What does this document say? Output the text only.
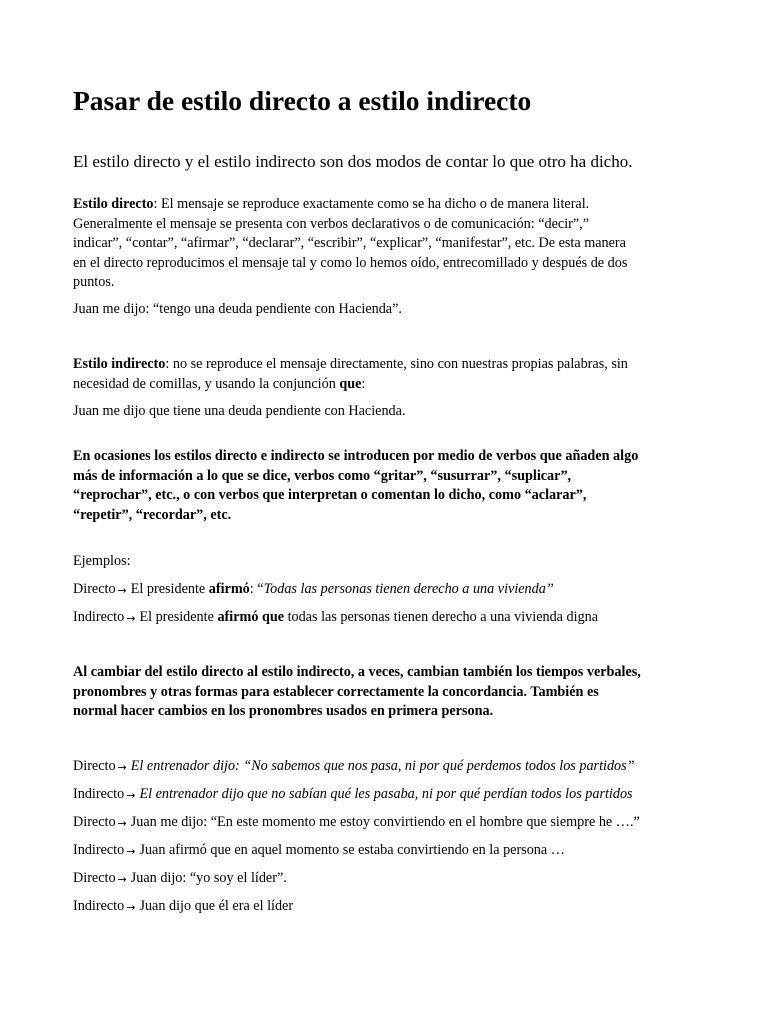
Pasar de estilo directo a estilo indirecto

El estilo directo y el estilo indirecto son dos modos de contar lo que otro ha dicho.

Estilo directo: El mensaje se reproduce exactamente como se ha dicho o de manera literal.

Generalmente el mensaje se presenta con verbos declarativos o de comunicación: “decir”,”

indicar”, “contar”, “afirmar”, “declarar”, “escribir”, “explicar”, “manifestar”, etc. De esta manera

en el directo reproducimos el mensaje tal y como lo hemos oído, entrecomillado y después de dos

puntos.

Juan me dijo: “tengo una deuda pendiente con Hacienda”.

Estilo indirecto: no se reproduce el mensaje directamente, sino con nuestras propias palabras, sin

necesidad de comillas, y usando la conjunción que:

Juan me dijo que tiene una deuda pendiente con Hacienda.

En ocasiones los estilos directo e indirecto se introducen por medio de verbos que añaden algo

más de información a lo que se dice, verbos como “gritar”, “susurrar”, “suplicar”,

“reprochar”, etc., o con verbos que interpretan o comentan lo dicho, como “aclarar”,

“repetir”, “recordar”, etc.

Ejemplos:

Directo → El presidente afirmó: “Todas las personas tienen derecho a una vivienda”

Indirecto → El presidente afirmó que todas las personas tienen derecho a una vivienda digna

Al cambiar del estilo directo al estilo indirecto, a veces, cambian también los tiempos verbales,

pronombres y otras formas para establecer correctamente la concordancia. También es

normal hacer cambios en los pronombres usados en primera persona.

Directo → El entrenador dijo: “No sabemos que nos pasa, ni por qué perdemos todos los partidos”

Indirecto → El entrenador dijo que no sabían qué les pasaba, ni por qué perdían todos los partidos

Directo → Juan me dijo: “En este momento me estoy convirtiendo en el hombre que siempre he ….”

Indirecto → Juan afirmó que en aquel momento se estaba convirtiendo en la persona …

Directo → Juan dijo: “yo soy el líder”.

Indirecto → Juan dijo que él era el líder
